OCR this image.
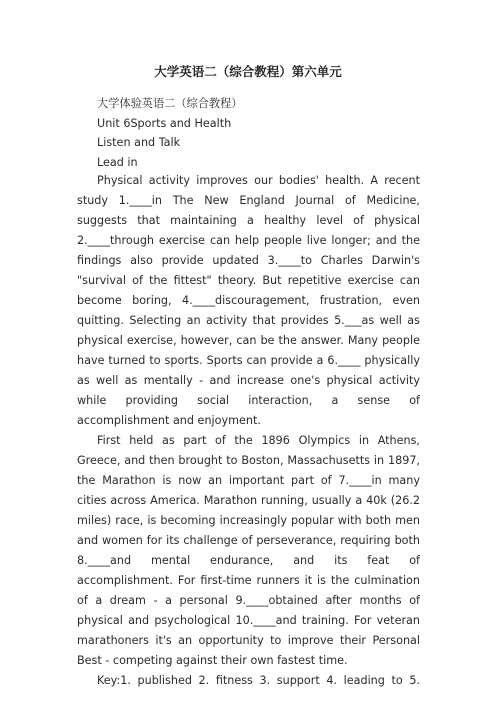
大学英语二（综合教程）第六单元
大学体验英语二（综合教程）
Unit 6Sports and Health
Listen and Talk
Lead in

Physical activity improves our bodies' health. A recent study 1.____in The New England Journal of Medicine, suggests that maintaining a healthy level of physical 2.____through exercise can help people live longer; and the findings also provide updated 3.____to Charles Darwin's "survival of the fittest" theory. But repetitive exercise can become boring, 4.____discouragement, frustration, even quitting. Selecting an activity that provides 5.___as well as physical exercise, however, can be the answer. Many people have turned to sports. Sports can provide a 6.____ physically as well as mentally - and increase one's physical activity while providing social interaction, a sense of accomplishment and enjoyment.

First held as part of the 1896 Olympics in Athens, Greece, and then brought to Boston, Massachusetts in 1897, the Marathon is now an important part of 7.____in many cities across America. Marathon running, usually a 40k (26.2 miles) race, is becoming increasingly popular with both men and women for its challenge of perseverance, requiring both 8.____and mental endurance, and its feat of accomplishment. For first-time runners it is the culmination of a dream - a personal 9.____obtained after months of physical and psychological 10.____and training. For veteran marathoners it's an opportunity to improve their Personal Best - competing against their own fastest time.

Key:1. published 2. fitness 3. support 4. leading to 5.
